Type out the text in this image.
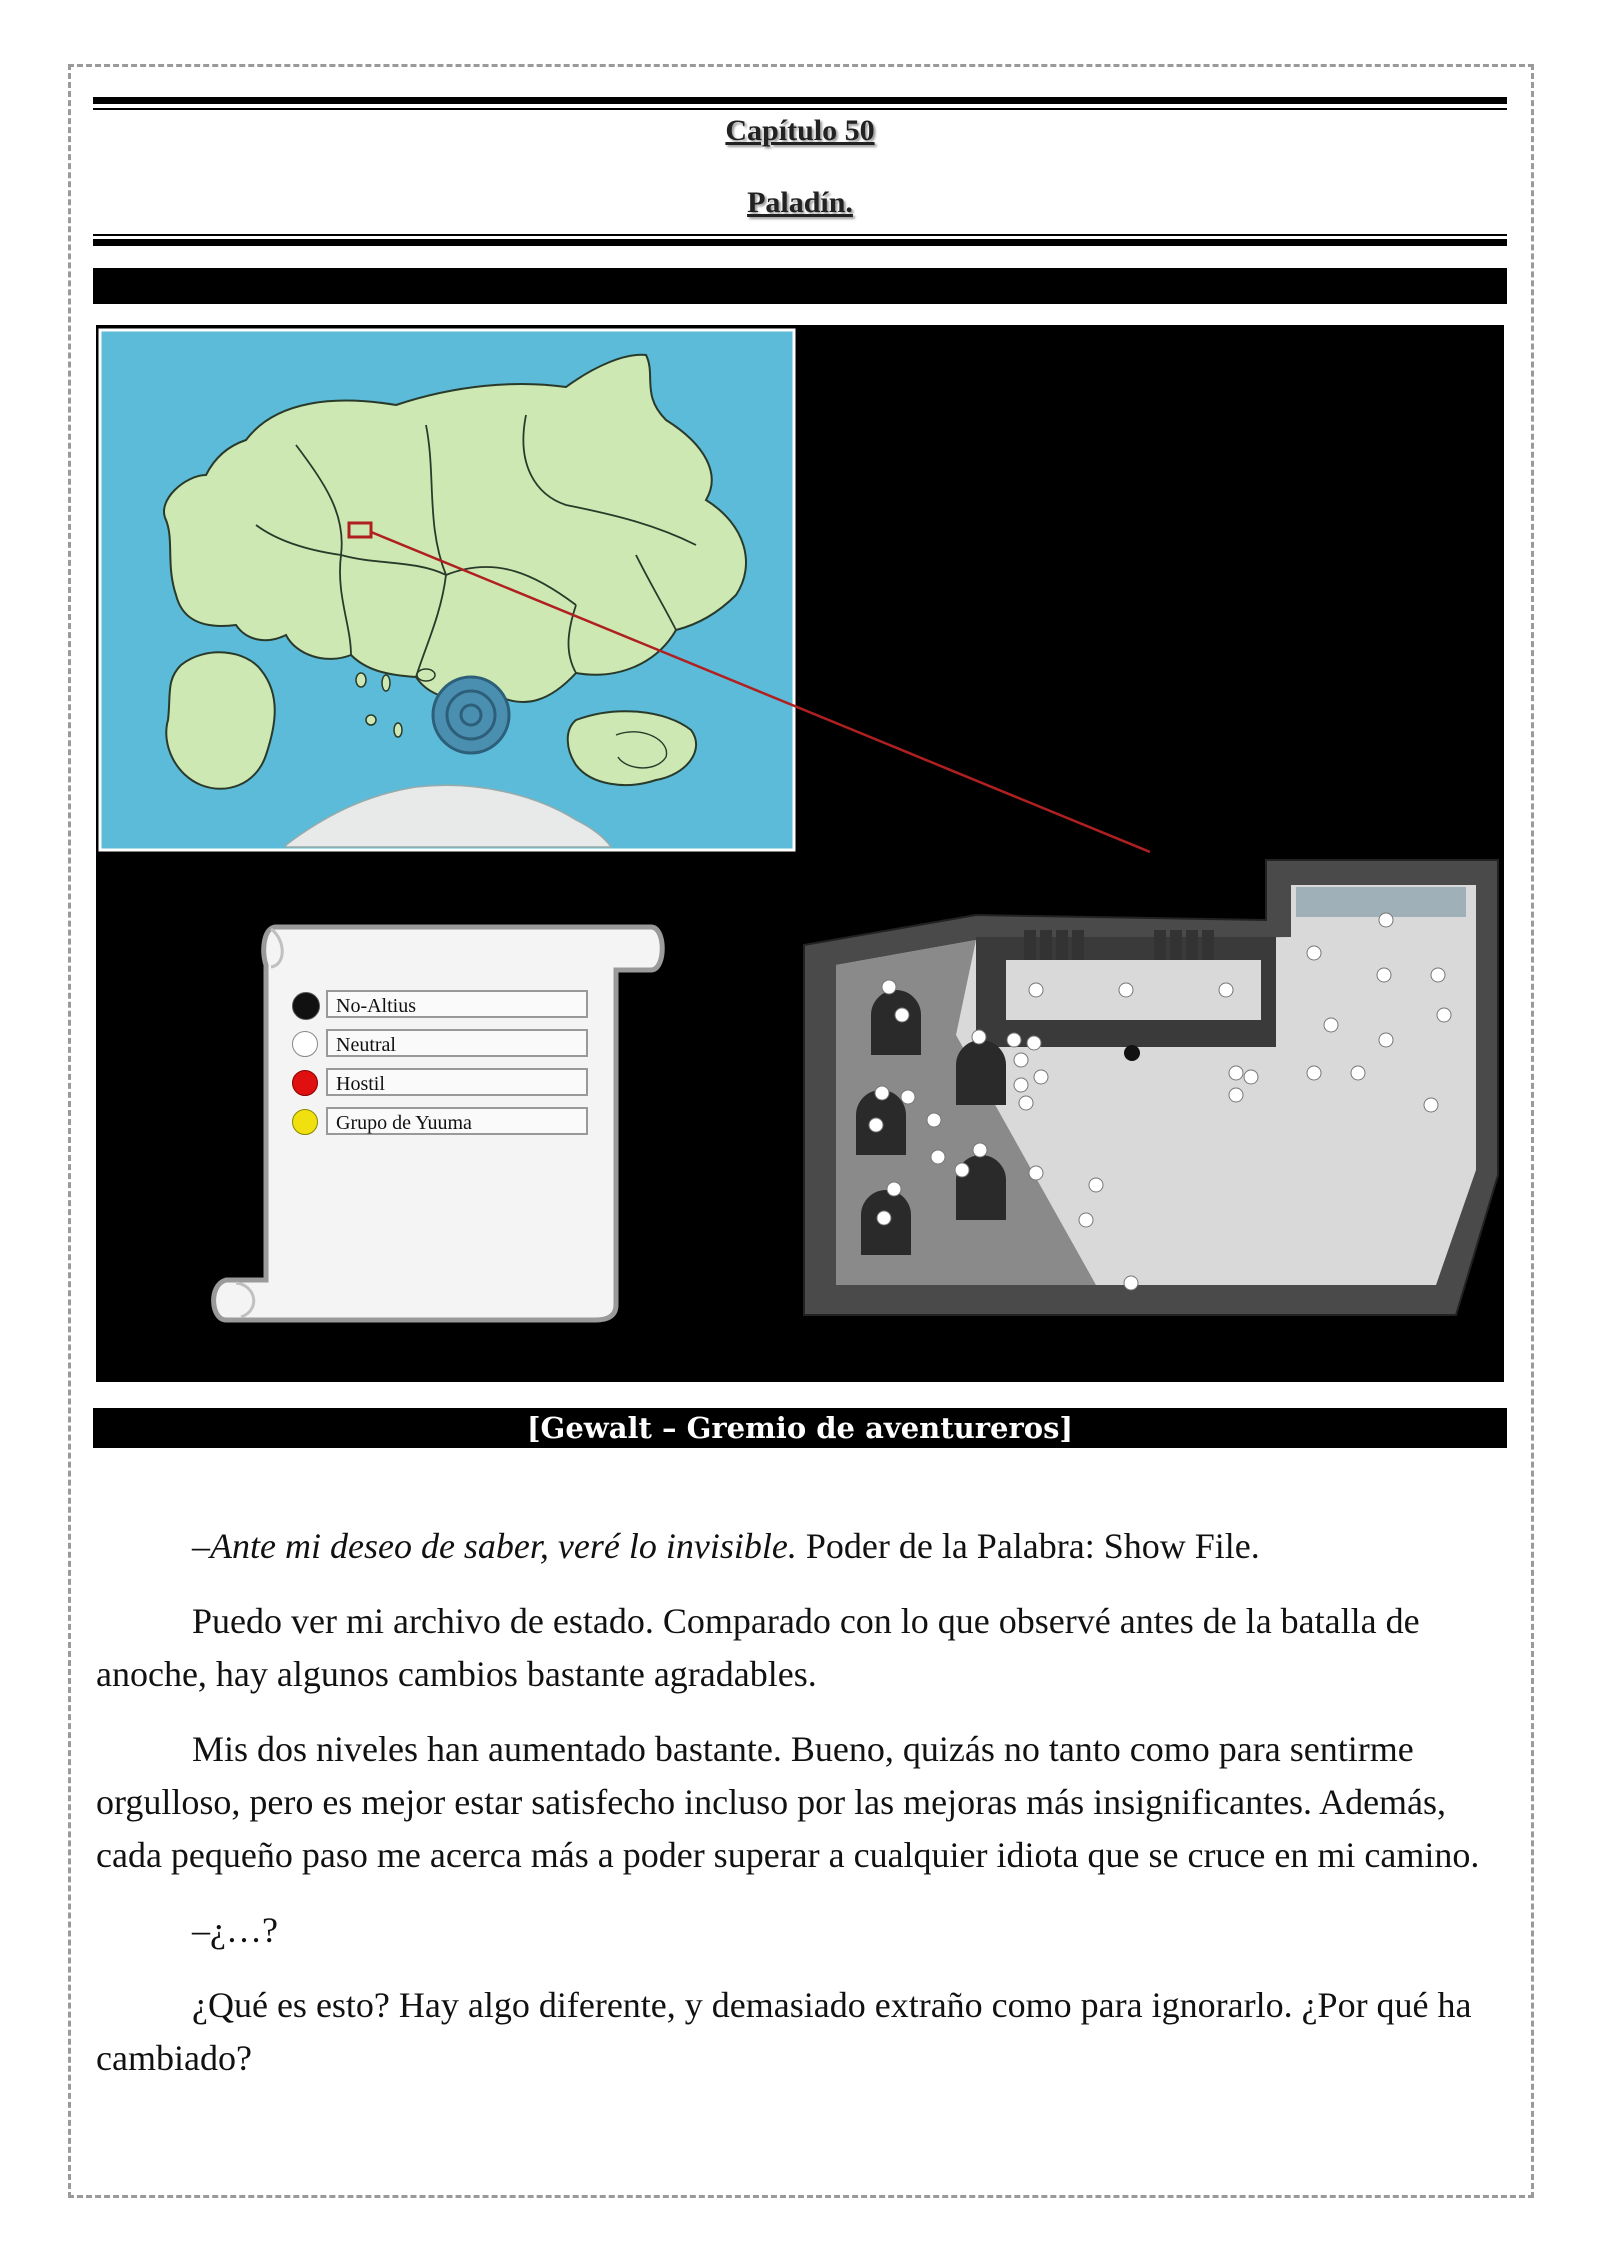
Capítulo 50
Paladín.
No-Altius
Neutral
Hostil
Grupo de Yuuma
[Gewalt – Gremio de aventureros]

–Ante mi deseo de saber, veré lo invisible. Poder de la Palabra: Show File.

Puedo ver mi archivo de estado. Comparado con lo que observé antes de la batalla de anoche, hay algunos cambios bastante agradables.

Mis dos niveles han aumentado bastante. Bueno, quizás no tanto como para sentirme orgulloso, pero es mejor estar satisfecho incluso por las mejoras más insignificantes. Además, cada pequeño paso me acerca más a poder superar a cualquier idiota que se cruce en mi camino.

–¿…?

¿Qué es esto? Hay algo diferente, y demasiado extraño como para ignorarlo. ¿Por qué ha cambiado?
